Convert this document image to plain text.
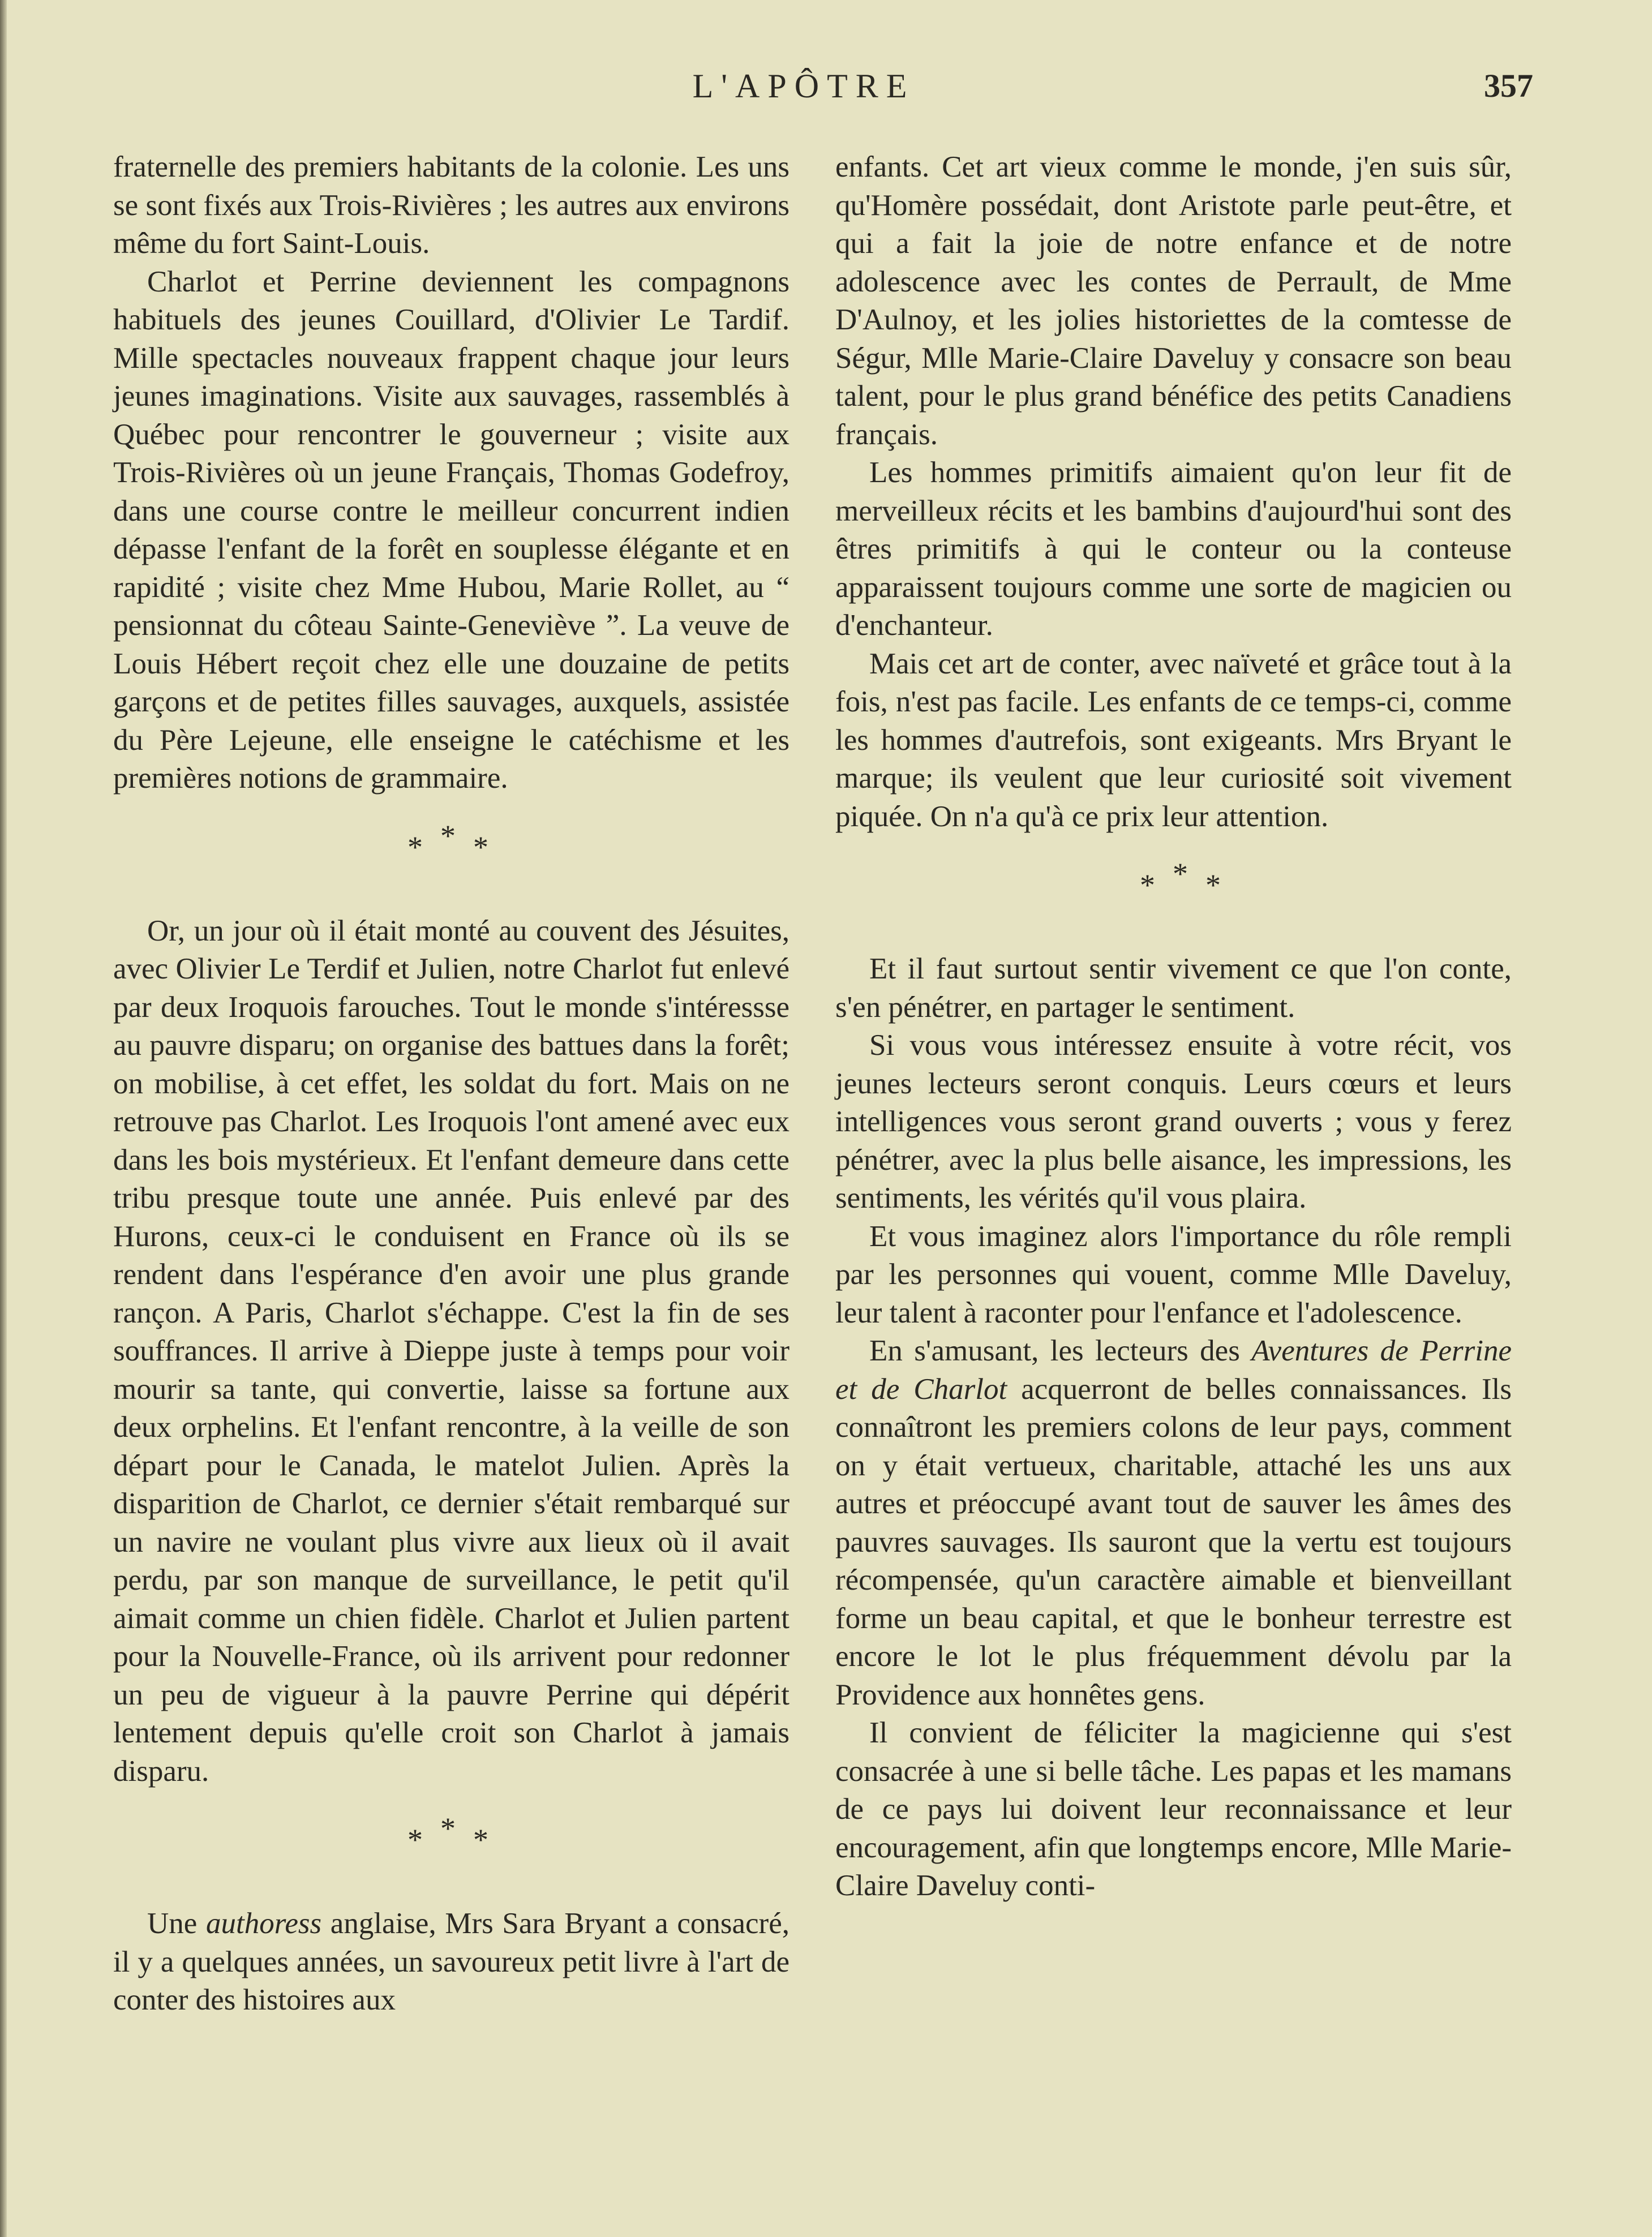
L'APÔTRE	357

fraternelle des premiers habitants de la colonie. Les uns se sont fixés aux Trois-Rivières ; les autres aux environs même du fort Saint-Louis.

Charlot et Perrine deviennent les compagnons habituels des jeunes Couillard, d'Olivier Le Tardif. Mille spectacles nouveaux frappent chaque jour leurs jeunes imaginations. Visite aux sauvages, rassemblés à Québec pour rencontrer le gouverneur ; visite aux Trois-Rivières où un jeune Français, Thomas Godefroy, dans une course contre le meilleur concurrent indien dépasse l'enfant de la forêt en souplesse élégante et en rapidité ; visite chez Mme Hubou, Marie Rollet, au “ pensionnat du côteau Sainte-Geneviève ”. La veuve de Louis Hébert reçoit chez elle une douzaine de petits garçons et de petites filles sauvages, auxquels, assistée du Père Lejeune, elle enseigne le catéchisme et les premières notions de grammaire.

* * *

Or, un jour où il était monté au couvent des Jésuites, avec Olivier Le Terdif et Julien, notre Charlot fut enlevé par deux Iroquois farouches. Tout le monde s'intéressse au pauvre disparu; on organise des battues dans la forêt; on mobilise, à cet effet, les soldat du fort. Mais on ne retrouve pas Charlot. Les Iroquois l'ont amené avec eux dans les bois mystérieux. Et l'enfant demeure dans cette tribu presque toute une année. Puis enlevé par des Hurons, ceux-ci le conduisent en France où ils se rendent dans l'espérance d'en avoir une plus grande rançon. A Paris, Charlot s'échappe. C'est la fin de ses souffrances. Il arrive à Dieppe juste à temps pour voir mourir sa tante, qui convertie, laisse sa fortune aux deux orphelins. Et l'enfant rencontre, à la veille de son départ pour le Canada, le matelot Julien. Après la disparition de Charlot, ce dernier s'était rembarqué sur un navire ne voulant plus vivre aux lieux où il avait perdu, par son manque de surveillance, le petit qu'il aimait comme un chien fidèle. Charlot et Julien partent pour la Nouvelle-France, où ils arrivent pour redonner un peu de vigueur à la pauvre Perrine qui dépérit lentement depuis qu'elle croit son Charlot à jamais disparu.

* * *

Une authoress anglaise, Mrs Sara Bryant a consacré, il y a quelques années, un savoureux petit livre à l'art de conter des histoires aux

enfants. Cet art vieux comme le monde, j'en suis sûr, qu'Homère possédait, dont Aristote parle peut-être, et qui a fait la joie de notre enfance et de notre adolescence avec les contes de Perrault, de Mme D'Aulnoy, et les jolies historiettes de la comtesse de Ségur, Mlle Marie-Claire Daveluy y consacre son beau talent, pour le plus grand bénéfice des petits Canadiens français.

Les hommes primitifs aimaient qu'on leur fit de merveilleux récits et les bambins d'aujourd'hui sont des êtres primitifs à qui le conteur ou la conteuse apparaissent toujours comme une sorte de magicien ou d'enchanteur.

Mais cet art de conter, avec naïveté et grâce tout à la fois, n'est pas facile. Les enfants de ce temps-ci, comme les hommes d'autrefois, sont exigeants. Mrs Bryant le marque; ils veulent que leur curiosité soit vivement piquée. On n'a qu'à ce prix leur attention.

* * *

Et il faut surtout sentir vivement ce que l'on conte, s'en pénétrer, en partager le sentiment.

Si vous vous intéressez ensuite à votre récit, vos jeunes lecteurs seront conquis. Leurs cœurs et leurs intelligences vous seront grand ouverts ; vous y ferez pénétrer, avec la plus belle aisance, les impressions, les sentiments, les vérités qu'il vous plaira.

Et vous imaginez alors l'importance du rôle rempli par les personnes qui vouent, comme Mlle Daveluy, leur talent à raconter pour l'enfance et l'adolescence.

En s'amusant, les lecteurs des Aventures de Perrine et de Charlot acquerront de belles connaissances. Ils connaîtront les premiers colons de leur pays, comment on y était vertueux, charitable, attaché les uns aux autres et préoccupé avant tout de sauver les âmes des pauvres sauvages. Ils sauront que la vertu est toujours récompensée, qu'un caractère aimable et bienveillant forme un beau capital, et que le bonheur terrestre est encore le lot le plus fréquemment dévolu par la Providence aux honnêtes gens.

Il convient de féliciter la magicienne qui s'est consacrée à une si belle tâche. Les papas et les mamans de ce pays lui doivent leur reconnaissance et leur encouragement, afin que longtemps encore, Mlle Marie-Claire Daveluy conti-
